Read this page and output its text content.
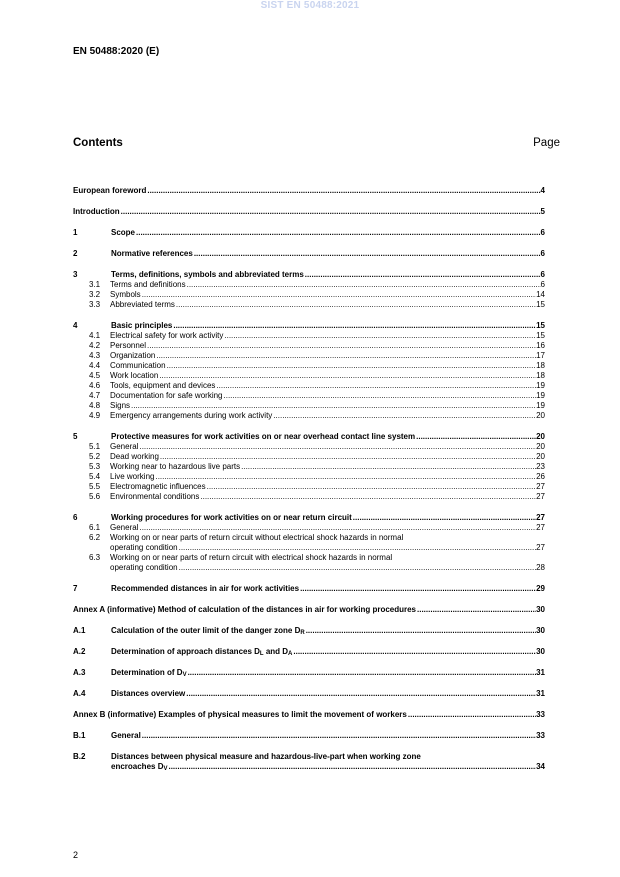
SIST EN 50488:2021
EN 50488:2020 (E)
Contents	Page
European foreword .....	4
Introduction .....	5
1	Scope .....	6
2	Normative references .....	6
3	Terms, definitions, symbols and abbreviated terms .....	6
3.1	Terms and definitions .....	6
3.2	Symbols .....	14
3.3	Abbreviated terms .....	15
4	Basic principles .....	15
4.1	Electrical safety for work activity .....	15
4.2	Personnel .....	16
4.3	Organization .....	17
4.4	Communication .....	18
4.5	Work location .....	18
4.6	Tools, equipment and devices .....	19
4.7	Documentation for safe working .....	19
4.8	Signs .....	19
4.9	Emergency arrangements during work activity .....	20
5	Protective measures for work activities on or near overhead contact line system .....	20
5.1	General .....	20
5.2	Dead working .....	20
5.3	Working near to hazardous live parts .....	23
5.4	Live working .....	26
5.5	Electromagnetic influences .....	27
5.6	Environmental conditions .....	27
6	Working procedures for work activities on or near return circuit .....	27
6.1	General .....	27
6.2	Working on or near parts of return circuit without electrical shock hazards in normal
operating condition .....	27
6.3	Working on or near parts of return circuit with electrical shock hazards in normal
operating condition .....	28
7	Recommended distances in air for work activities .....	29
Annex A (informative) Method of calculation of the distances in air for working procedures .....	30
A.1	Calculation of the outer limit of the danger zone $D_R$ .....	30
A.2	Determination of approach distances $D_L$ and $D_A$ .....	30
A.3	Determination of $D_V$ .....	31
A.4	Distances overview .....	31
Annex B (informative) Examples of physical measures to limit the movement of workers .....	33
B.1	General .....	33
B.2	Distances between physical measure and hazardous-live-part when working zone
encroaches $D_V$ .....	34
2
